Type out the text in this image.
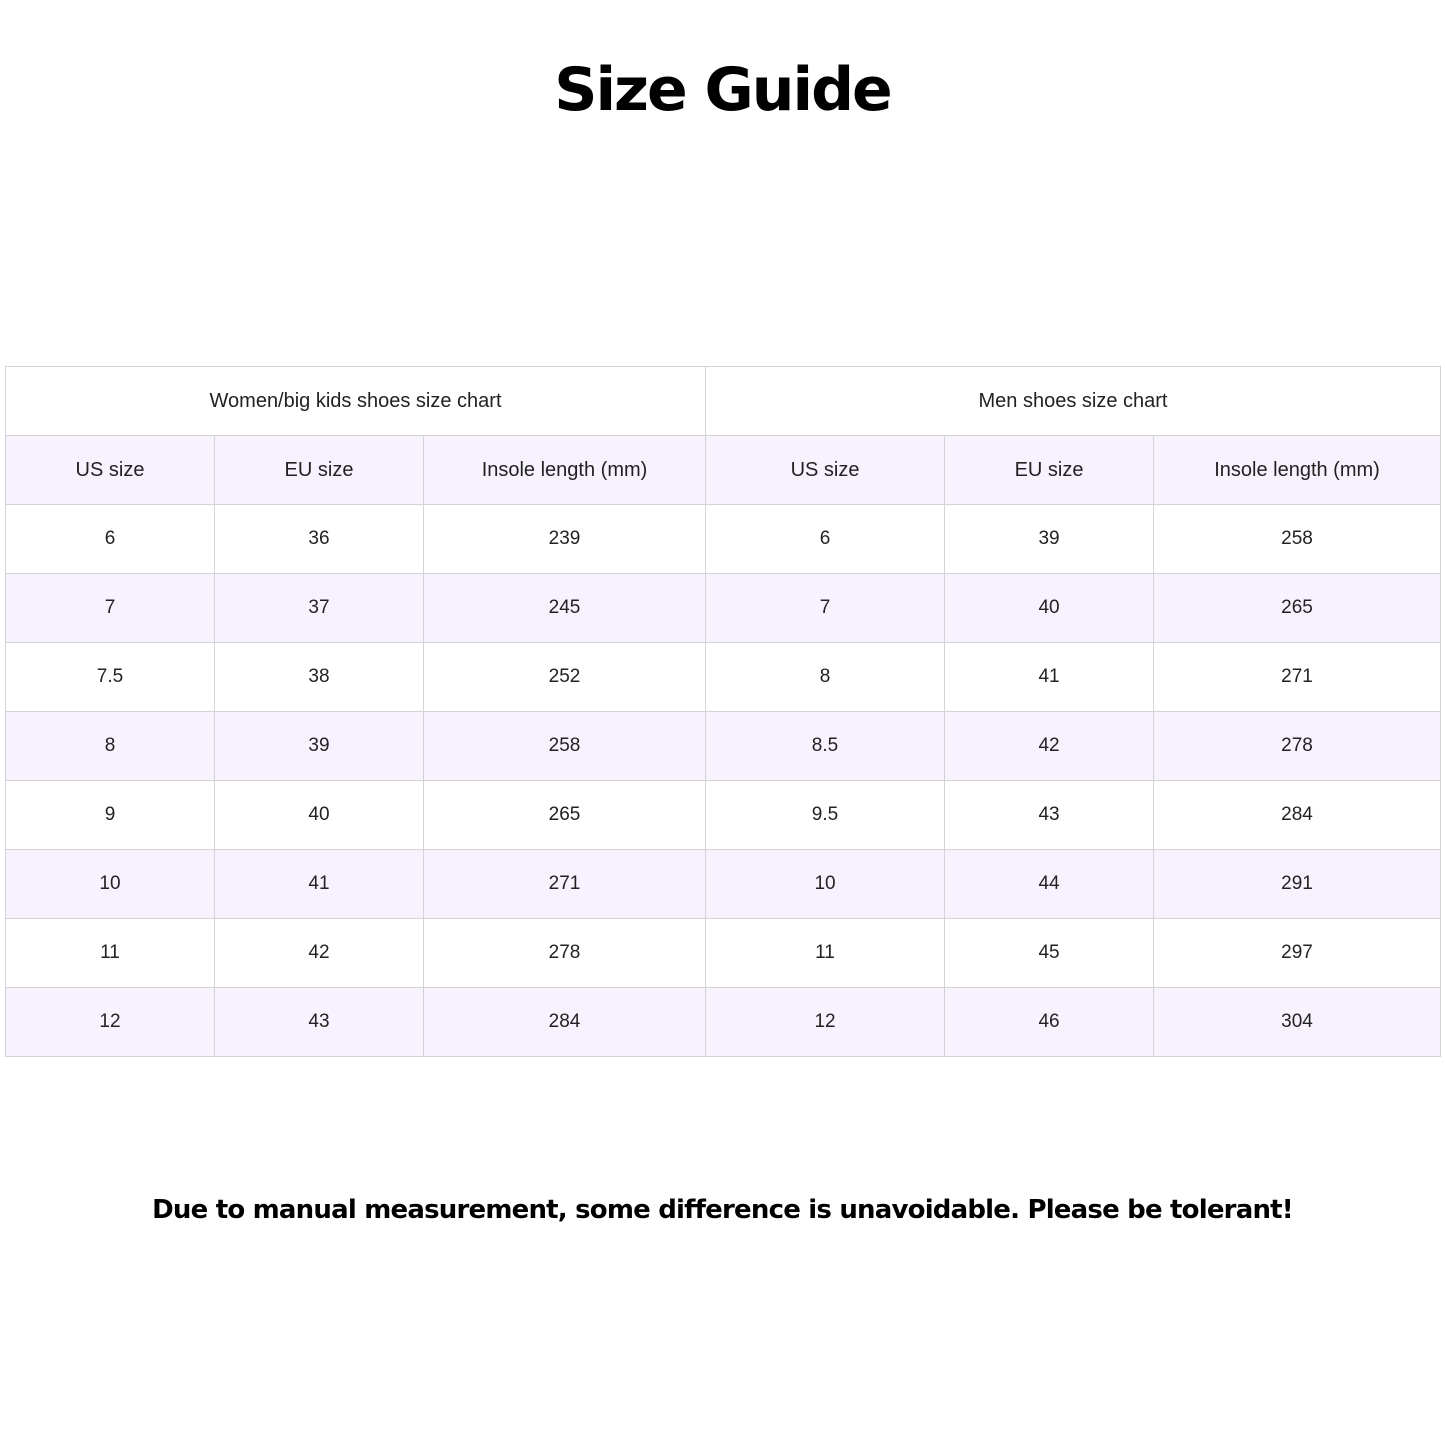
Size Guide
Women/big kids shoes size chart			Men shoes size chart		
US size	EU size	Insole length (mm)	US size	EU size	Insole length (mm)
6	36	239	6	39	258
7	37	245	7	40	265
7.5	38	252	8	41	271
8	39	258	8.5	42	278
9	40	265	9.5	43	284
10	41	271	10	44	291
11	42	278	11	45	297
12	43	284	12	46	304
Due to manual measurement, some difference is unavoidable. Please be tolerant!
